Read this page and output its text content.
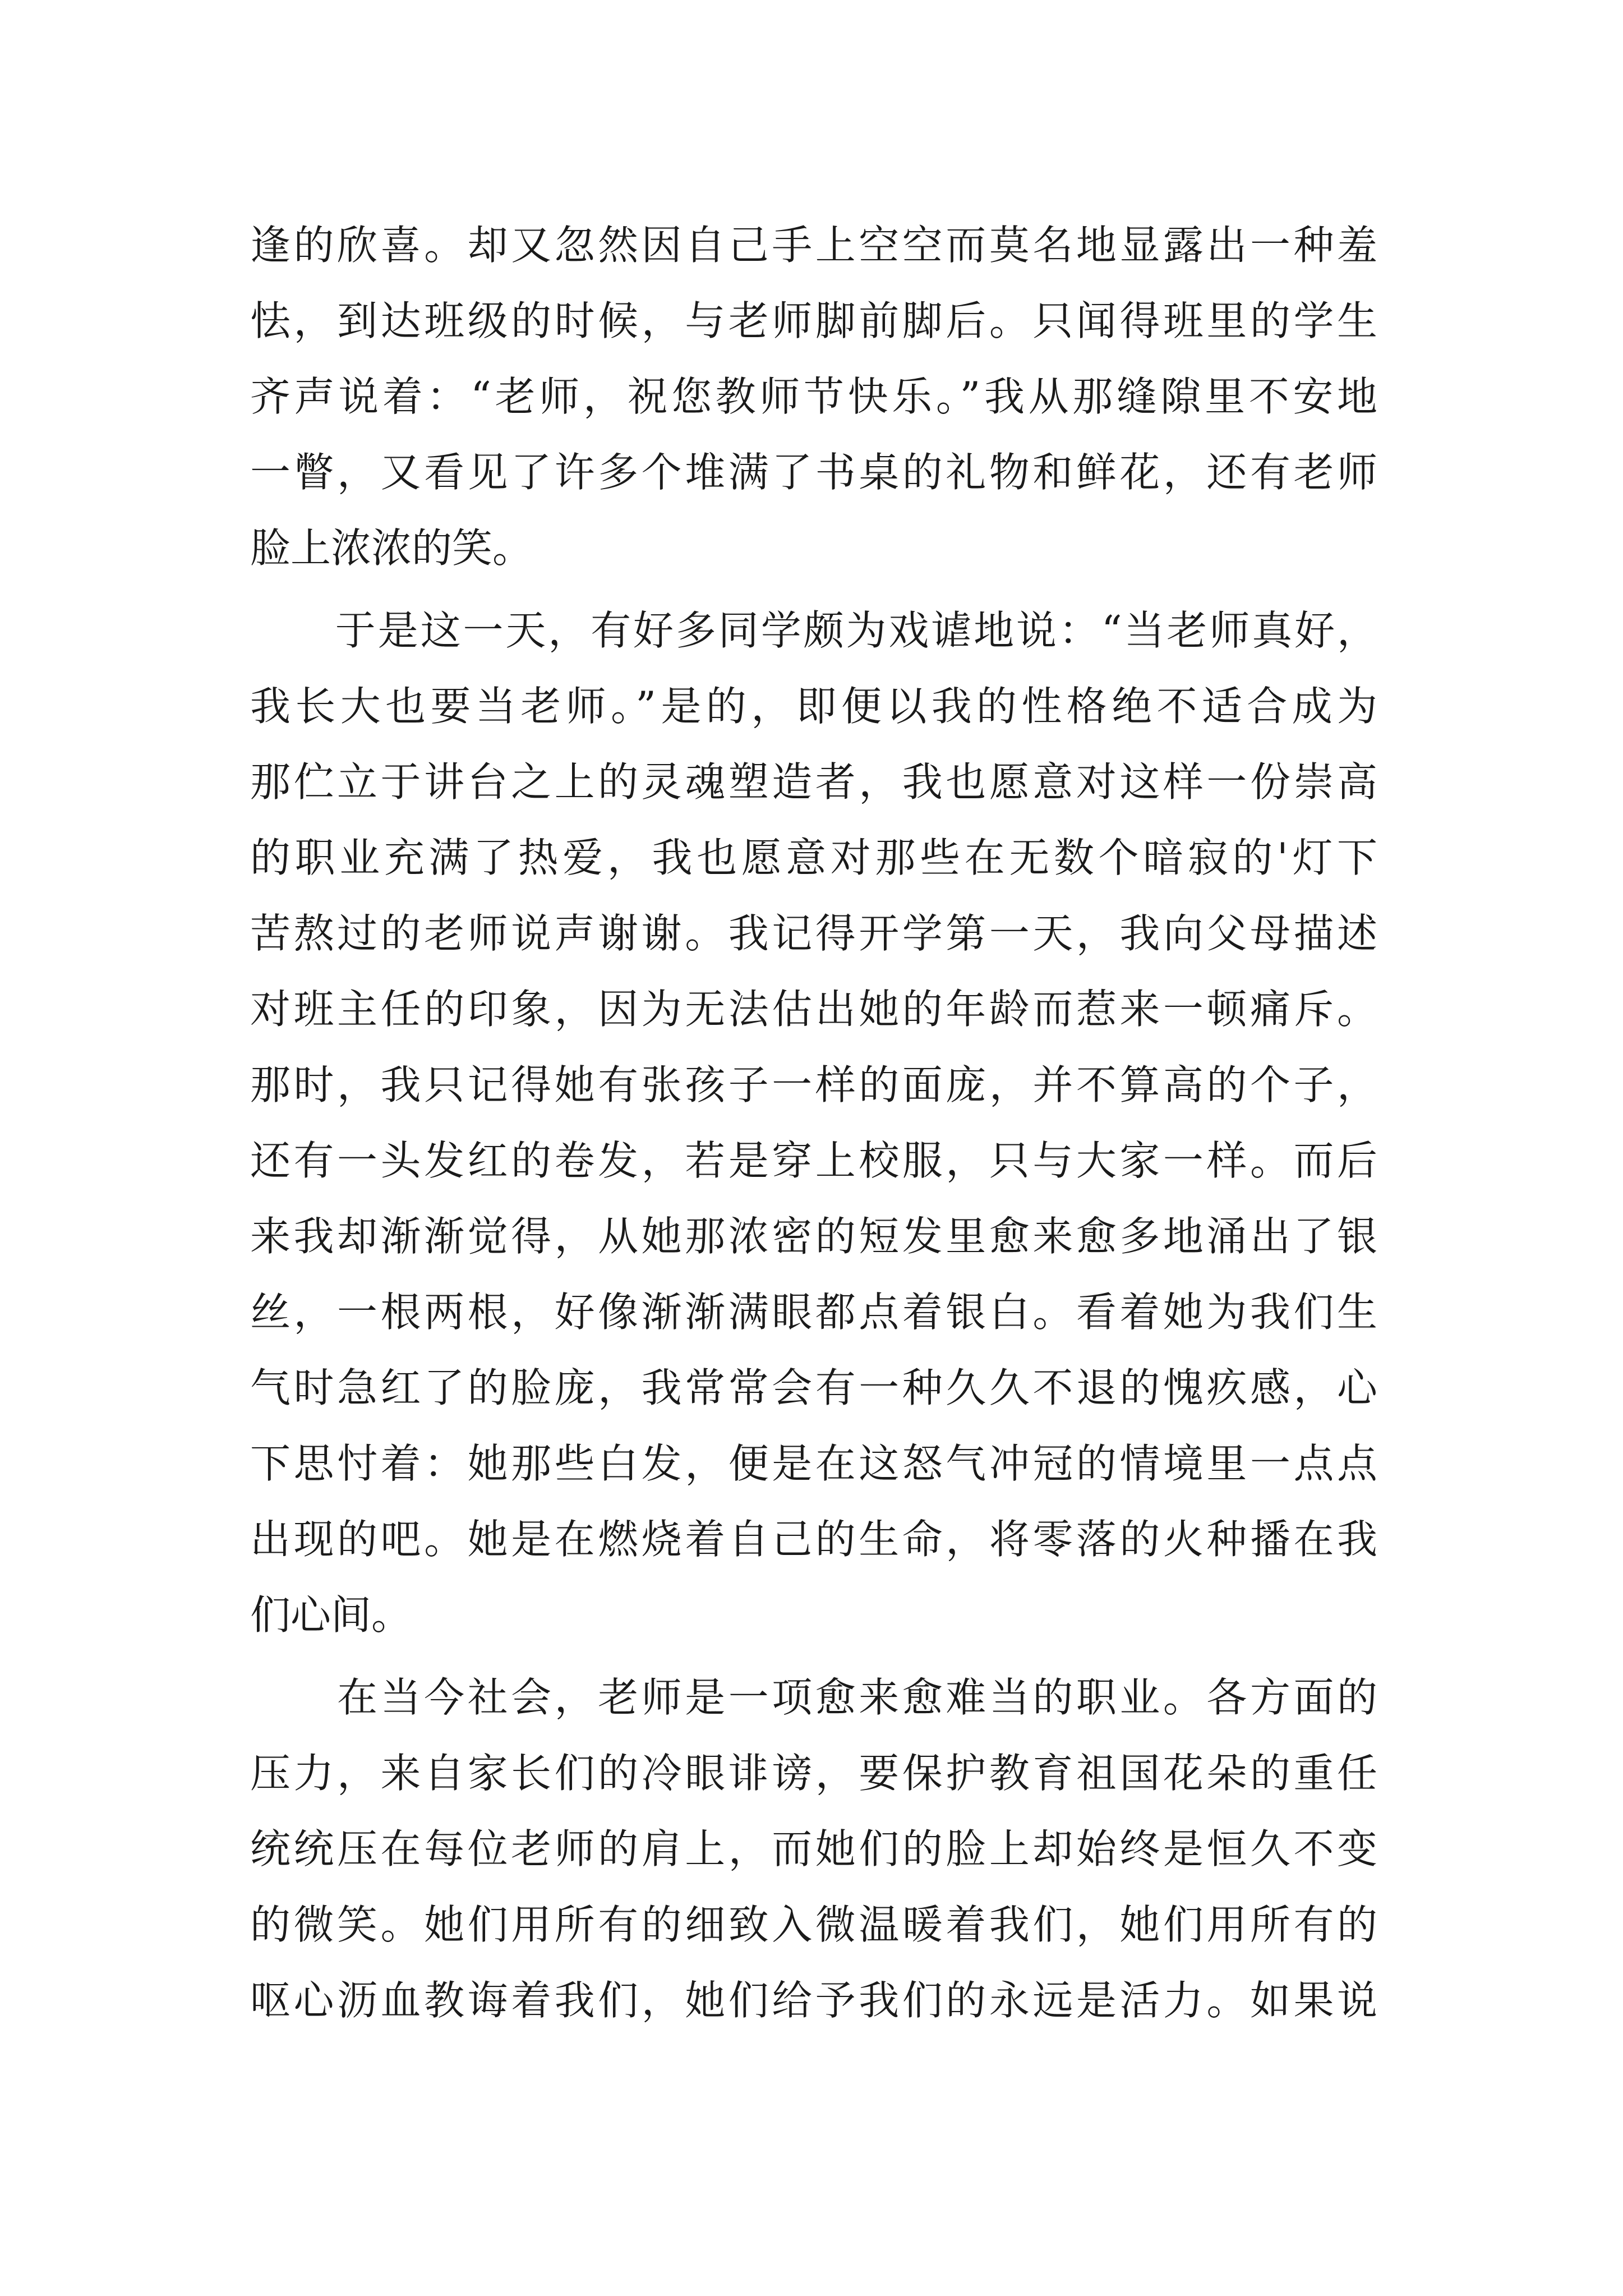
逢的欣喜。却又忽然因自己手上空空而莫名地显露出一种羞
怯，到达班级的时候，与老师脚前脚后。只闻得班里的学生
齐声说着：“老师，祝您教师节快乐。”我从那缝隙里不安地
一瞥，又看见了许多个堆满了书桌的礼物和鲜花，还有老师
脸上浓浓的笑。
　　于是这一天，有好多同学颇为戏谑地说：“当老师真好，
我长大也要当老师。”是的，即便以我的性格绝不适合成为
那伫立于讲台之上的灵魂塑造者，我也愿意对这样一份崇高
的职业充满了热爱，我也愿意对那些在无数个暗寂的'灯下
苦熬过的老师说声谢谢。我记得开学第一天，我向父母描述
对班主任的印象，因为无法估出她的年龄而惹来一顿痛斥。
那时，我只记得她有张孩子一样的面庞，并不算高的个子，
还有一头发红的卷发，若是穿上校服，只与大家一样。而后
来我却渐渐觉得，从她那浓密的短发里愈来愈多地涌出了银
丝，一根两根，好像渐渐满眼都点着银白。看着她为我们生
气时急红了的脸庞，我常常会有一种久久不退的愧疚感，心
下思忖着：她那些白发，便是在这怒气冲冠的情境里一点点
出现的吧。她是在燃烧着自己的生命，将零落的火种播在我
们心间。
　　在当今社会，老师是一项愈来愈难当的职业。各方面的
压力，来自家长们的冷眼诽谤，要保护教育祖国花朵的重任
统统压在每位老师的肩上，而她们的脸上却始终是恒久不变
的微笑。她们用所有的细致入微温暖着我们，她们用所有的
呕心沥血教诲着我们，她们给予我们的永远是活力。如果说
